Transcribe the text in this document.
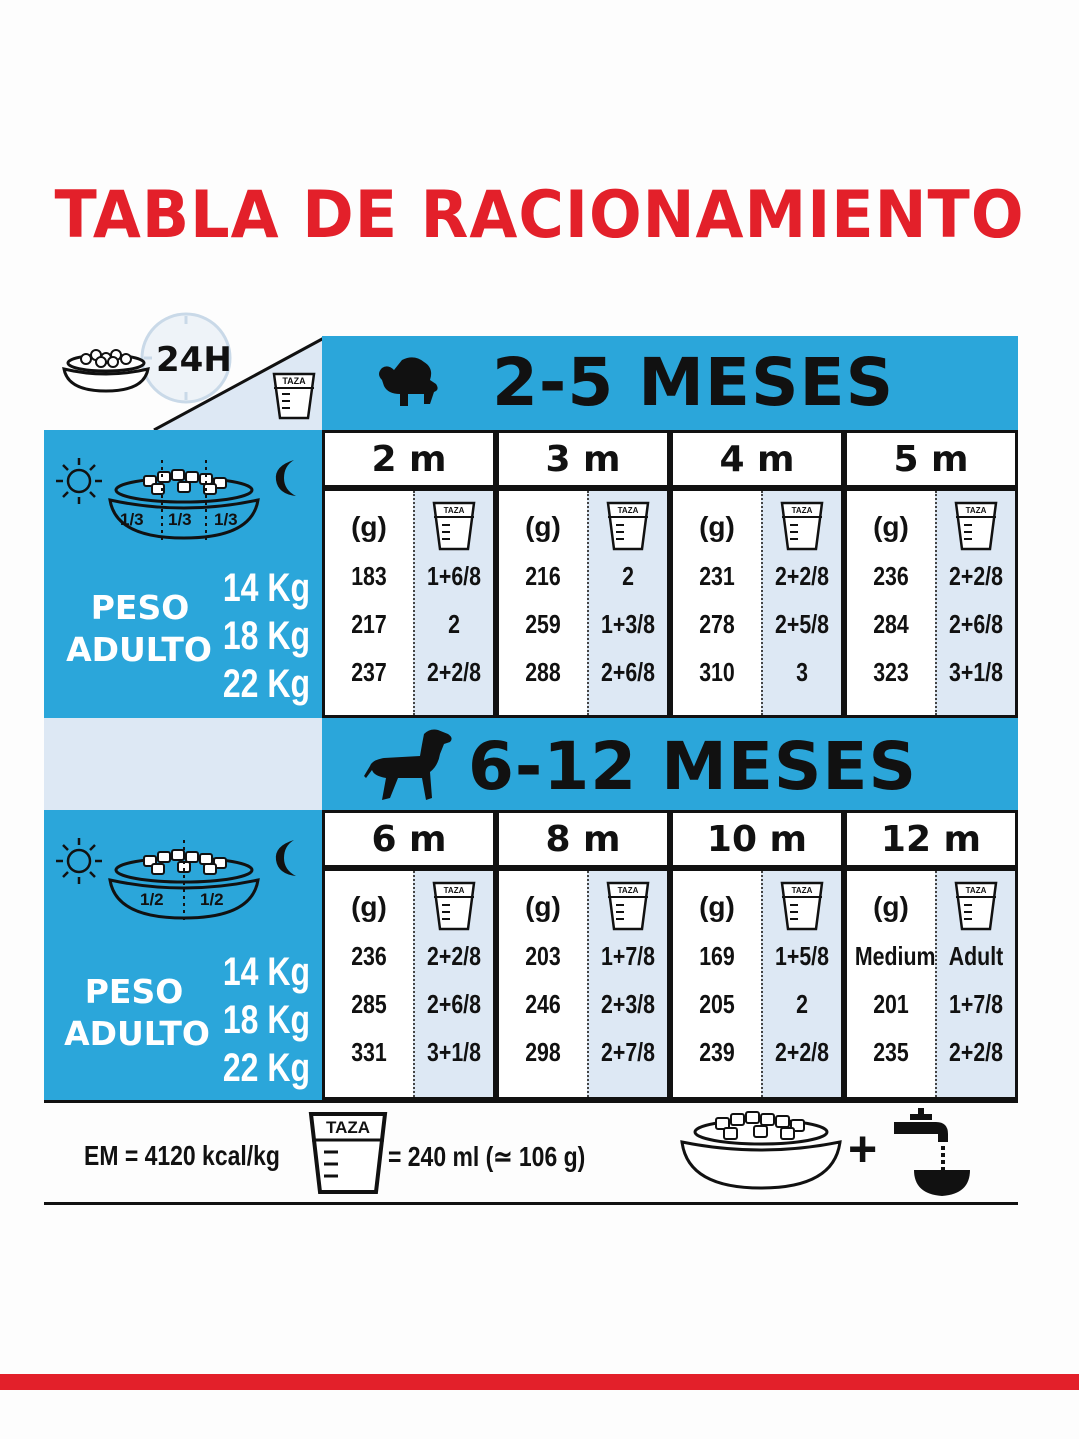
TABLA DE RACIONAMIENTO
24H
TAZA	2-5 MESES
1/3 1/3 1/3
PESO
ADULTO
14 Kg
18 Kg
22 Kg
2 m
(g)
183
217
237
TAZA
1+6/8
2
2+2/8
3 m
(g)
216
259
288
TAZA
2
1+3/8
2+6/8
4 m
(g)
231
278
310
TAZA
2+2/8
2+5/8
3
5 m
(g)
236
284
323
TAZA
2+2/8
2+6/8
3+1/8
6-12 MESES
1/2 1/2
PESO
ADULTO
14 Kg
18 Kg
22 Kg
6 m
(g)
236
285
331
TAZA
2+2/8
2+6/8
3+1/8
8 m
(g)
203
246
298
TAZA
1+7/8
2+3/8
2+7/8
10 m
(g)
169
205
239
TAZA
1+5/8
2
2+2/8
12 m
(g)
Medium
201
235
TAZA
Adult
1+7/8
2+2/8
EM = 4120 kcal/kg
TAZA
= 240 ml (≃ 106 g)	+
